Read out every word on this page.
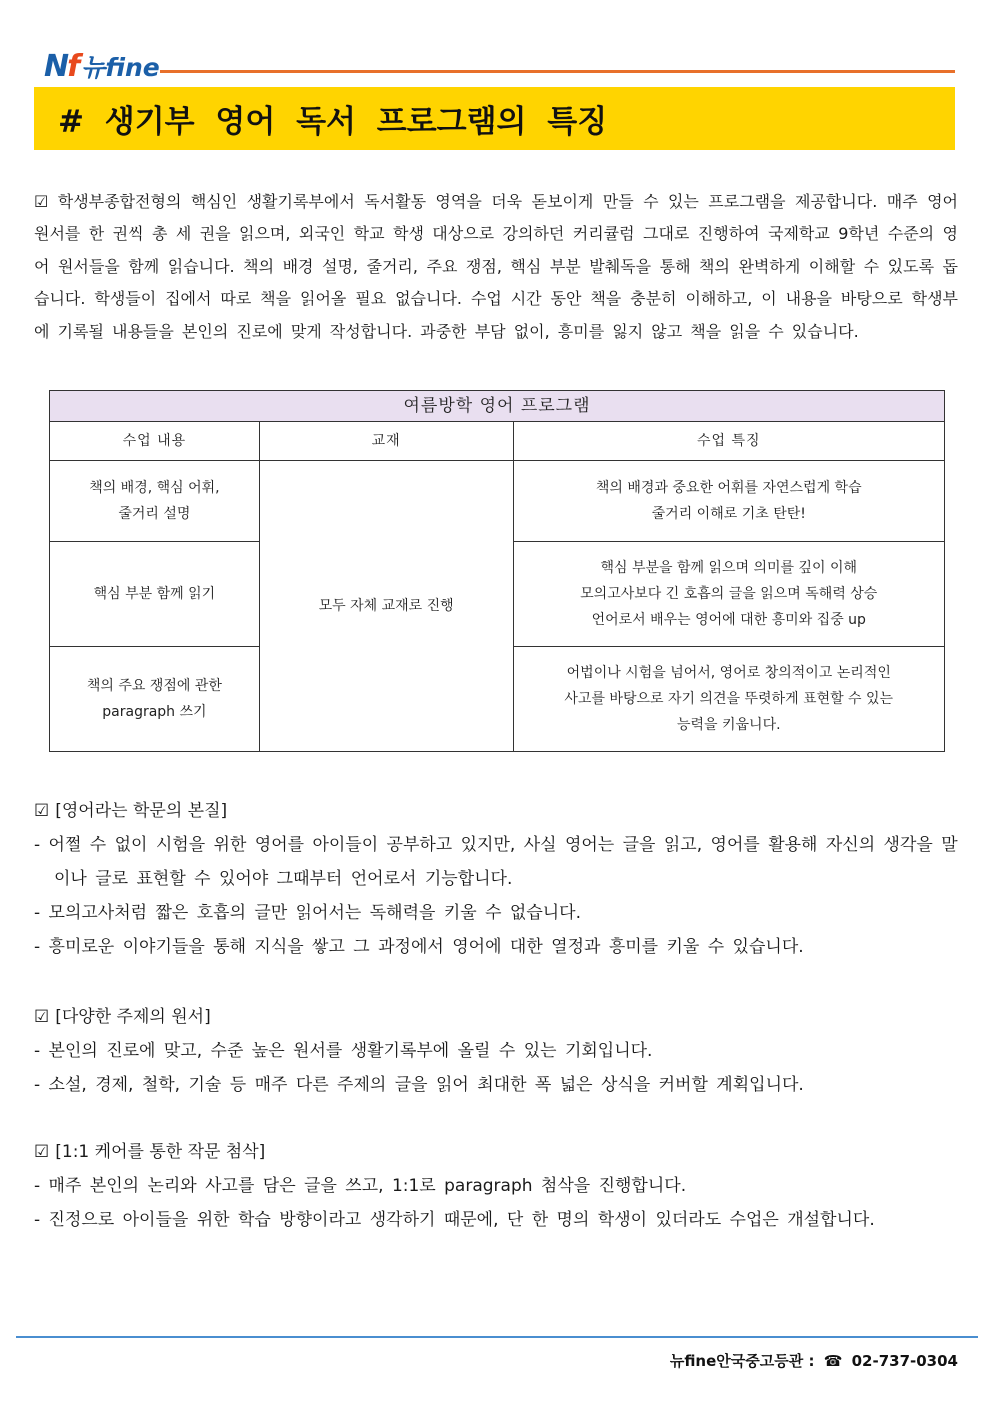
Nf 뉴fine
# 생기부 영어 독서 프로그램의 특징

☑ 학생부종합전형의 핵심인 생활기록부에서 독서활동 영역을 더욱 돋보이게 만들 수 있는 프로그램을 제공합니다. 매주 영어 원서를 한 권씩 총 세 권을 읽으며, 외국인 학교 학생 대상으로 강의하던 커리큘럼 그대로 진행하여 국제학교 9학년 수준의 영어 원서들을 함께 읽습니다. 책의 배경 설명, 줄거리, 주요 쟁점, 핵심 부분 발췌독을 통해 책의 완벽하게 이해할 수 있도록 돕습니다. 학생들이 집에서 따로 책을 읽어올 필요 없습니다. 수업 시간 동안 책을 충분히 이해하고, 이 내용을 바탕으로 학생부에 기록될 내용들을 본인의 진로에 맞게 작성합니다. 과중한 부담 없이, 흥미를 잃지 않고 책을 읽을 수 있습니다.

여름방학 영어 프로그램		
수업 내용	교재	수업 특징
책의 배경, 핵심 어휘,
줄거리 설명	모두 자체 교재로 진행	책의 배경과 중요한 어휘를 자연스럽게 학습
줄거리 이해로 기초 탄탄!
핵심 부분 함께 읽기		핵심 부분을 함께 읽으며 의미를 깊이 이해
모의고사보다 긴 호흡의 글을 읽으며 독해력 상승
언어로서 배우는 영어에 대한 흥미와 집중 up
책의 주요 쟁점에 관한
paragraph 쓰기		어법이나 시험을 넘어서, 영어로 창의적이고 논리적인
사고를 바탕으로 자기 의견을 뚜렷하게 표현할 수 있는
능력을 키웁니다.
☑ [영어라는 학문의 본질]
- 어쩔 수 없이 시험을 위한 영어를 아이들이 공부하고 있지만, 사실 영어는 글을 읽고, 영어를 활용해 자신의 생각을 말이나 글로 표현할 수 있어야 그때부터 언어로서 기능합니다.
- 모의고사처럼 짧은 호흡의 글만 읽어서는 독해력을 키울 수 없습니다.
- 흥미로운 이야기들을 통해 지식을 쌓고 그 과정에서 영어에 대한 열정과 흥미를 키울 수 있습니다.
☑ [다양한 주제의 원서]
- 본인의 진로에 맞고, 수준 높은 원서를 생활기록부에 올릴 수 있는 기회입니다.
- 소설, 경제, 철학, 기술 등 매주 다른 주제의 글을 읽어 최대한 폭 넓은 상식을 커버할 계획입니다.
☑ [1:1 케어를 통한 작문 첨삭]
- 매주 본인의 논리와 사고를 담은 글을 쓰고, 1:1로 paragraph 첨삭을 진행합니다.
- 진정으로 아이들을 위한 학습 방향이라고 생각하기 때문에, 단 한 명의 학생이 있더라도 수업은 개설합니다.
뉴fine안국중고등관 : ☎ 02-737-0304
